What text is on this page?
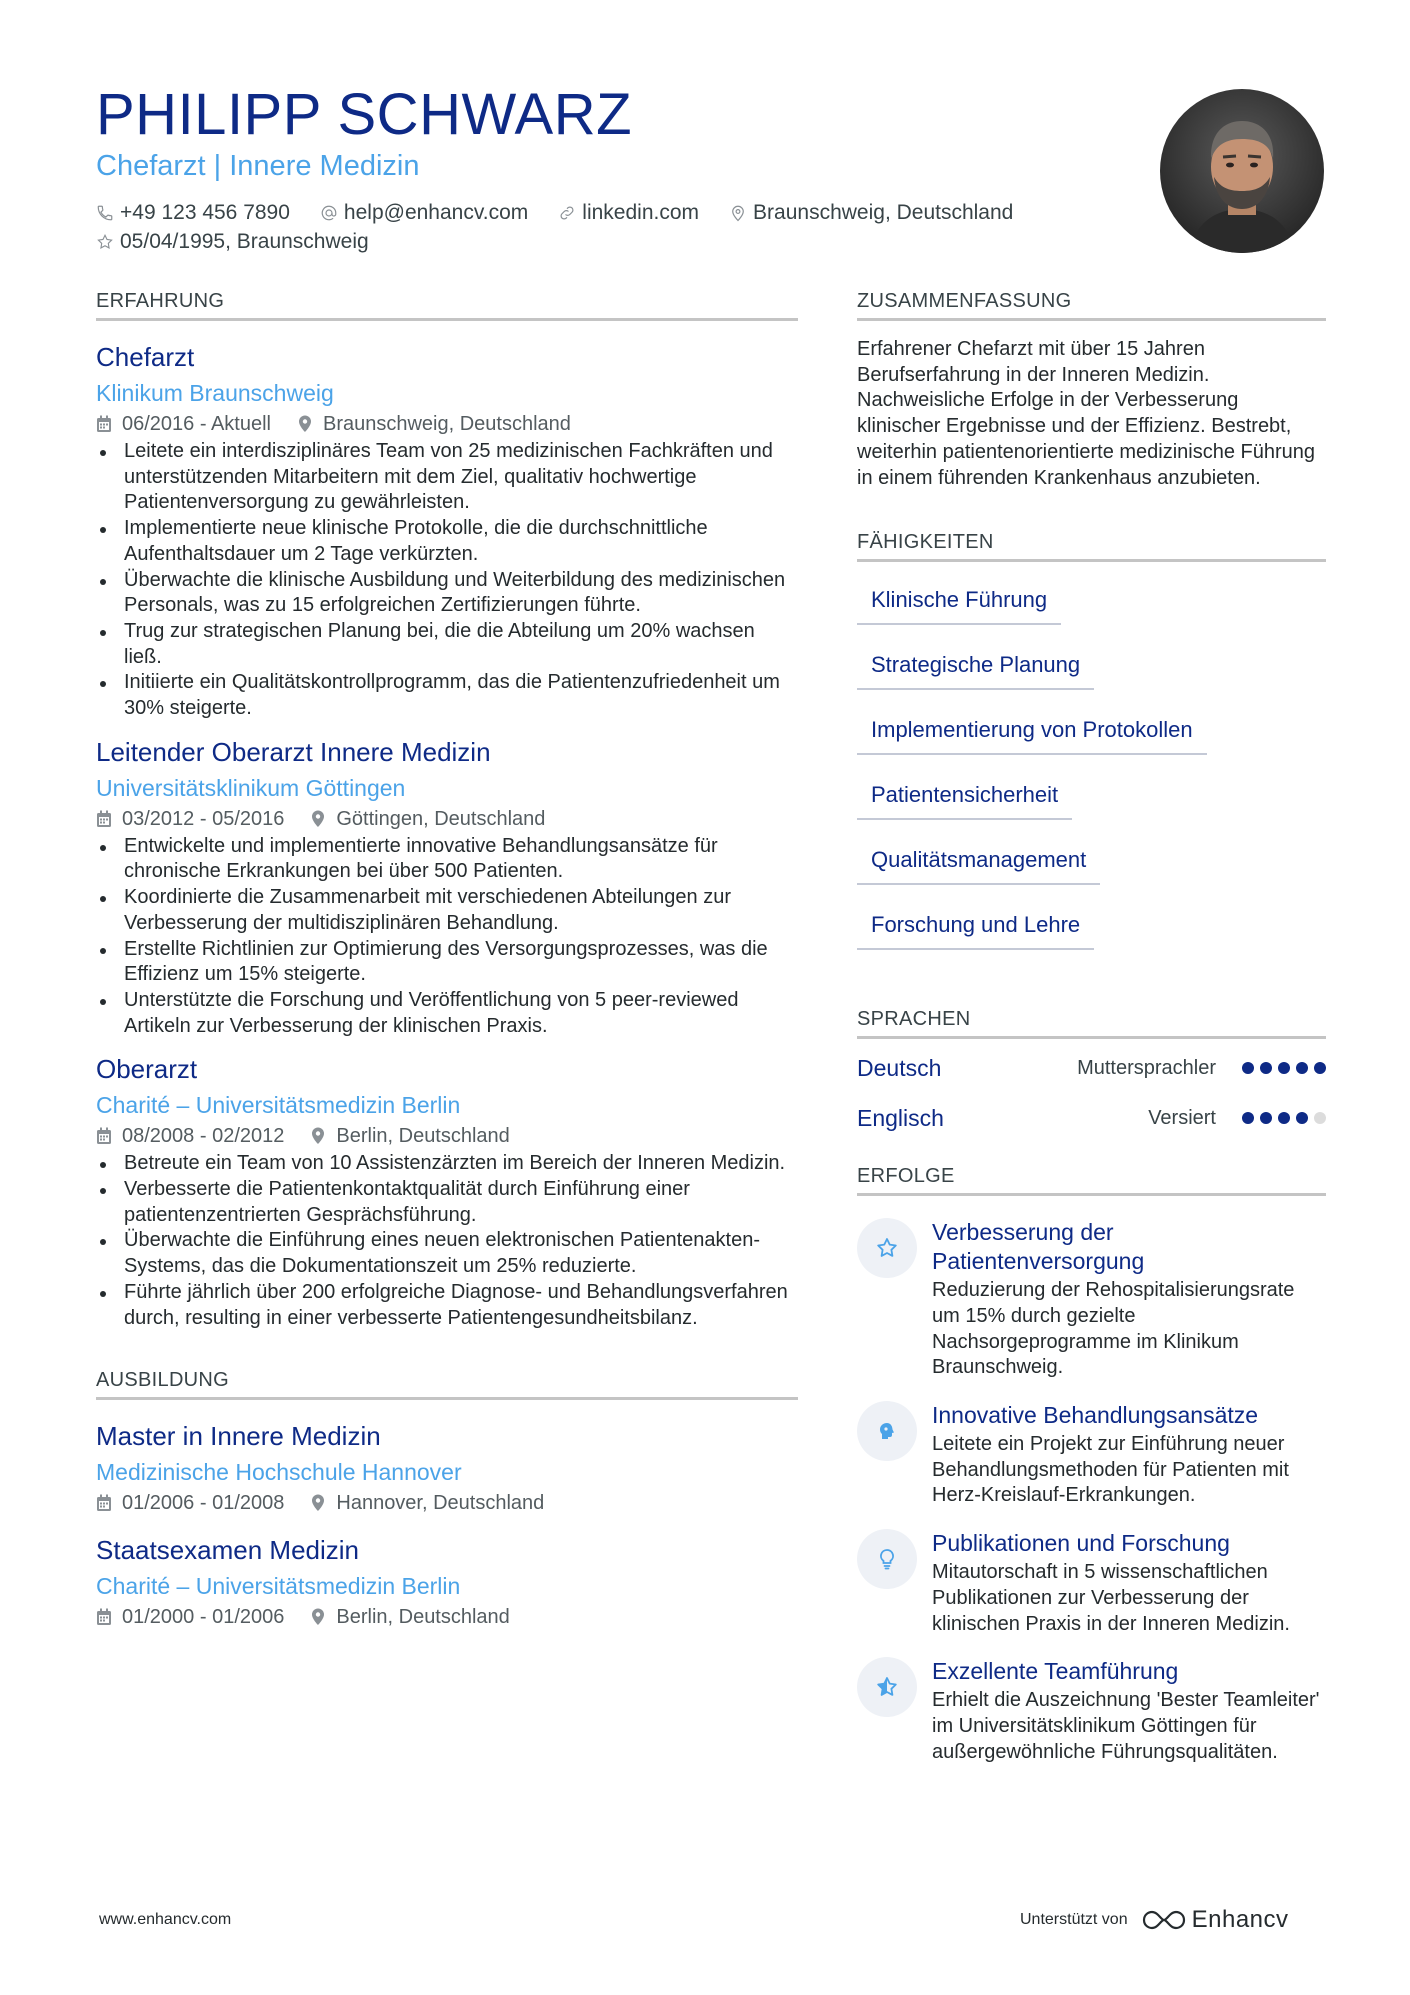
PHILIPP SCHWARZ
Chefarzt | Innere Medizin
+49 123 456 7890	help@enhancv.com	linkedin.com	Braunschweig, Deutschland
05/04/1995, Braunschweig
ERFAHRUNG
Chefarzt
Klinikum Braunschweig
06/2016 - Aktuell	Braunschweig, Deutschland
Leitete ein interdisziplinäres Team von 25 medizinischen Fachkräften und unterstützenden Mitarbeitern mit dem Ziel, qualitativ hochwertige Patientenversorgung zu gewährleisten.
Implementierte neue klinische Protokolle, die die durchschnittliche Aufenthaltsdauer um 2 Tage verkürzten.
Überwachte die klinische Ausbildung und Weiterbildung des medizinischen Personals, was zu 15 erfolgreichen Zertifizierungen führte.
Trug zur strategischen Planung bei, die die Abteilung um 20% wachsen ließ.
Initiierte ein Qualitätskontrollprogramm, das die Patientenzufriedenheit um 30% steigerte.
Leitender Oberarzt Innere Medizin
Universitätsklinikum Göttingen
03/2012 - 05/2016	Göttingen, Deutschland
Entwickelte und implementierte innovative Behandlungsansätze für chronische Erkrankungen bei über 500 Patienten.
Koordinierte die Zusammenarbeit mit verschiedenen Abteilungen zur Verbesserung der multidisziplinären Behandlung.
Erstellte Richtlinien zur Optimierung des Versorgungsprozesses, was die Effizienz um 15% steigerte.
Unterstützte die Forschung und Veröffentlichung von 5 peer-reviewed Artikeln zur Verbesserung der klinischen Praxis.
Oberarzt
Charité – Universitätsmedizin Berlin
08/2008 - 02/2012	Berlin, Deutschland
Betreute ein Team von 10 Assistenzärzten im Bereich der Inneren Medizin.
Verbesserte die Patientenkontaktqualität durch Einführung einer patientenzentrierten Gesprächsführung.
Überwachte die Einführung eines neuen elektronischen Patientenakten-Systems, das die Dokumentationszeit um 25% reduzierte.
Führte jährlich über 200 erfolgreiche Diagnose- und Behandlungsverfahren durch, resulting in einer verbesserte Patientengesundheitsbilanz.
AUSBILDUNG
Master in Innere Medizin
Medizinische Hochschule Hannover
01/2006 - 01/2008	Hannover, Deutschland
Staatsexamen Medizin
Charité – Universitätsmedizin Berlin
01/2000 - 01/2006	Berlin, Deutschland
ZUSAMMENFASSUNG
Erfahrener Chefarzt mit über 15 Jahren Berufserfahrung in der Inneren Medizin. Nachweisliche Erfolge in der Verbesserung klinischer Ergebnisse und der Effizienz. Bestrebt, weiterhin patientenorientierte medizinische Führung in einem führenden Krankenhaus anzubieten.
FÄHIGKEITEN
Klinische Führung
Strategische Planung
Implementierung von Protokollen
Patientensicherheit
Qualitätsmanagement
Forschung und Lehre
SPRACHEN
Deutsch	Muttersprachler
Englisch	Versiert
ERFOLGE
Verbesserung der Patientenversorgung
Reduzierung der Rehospitalisierungsrate um 15% durch gezielte Nachsorgeprogramme im Klinikum Braunschweig.
Innovative Behandlungsansätze
Leitete ein Projekt zur Einführung neuer Behandlungsmethoden für Patienten mit Herz-Kreislauf-Erkrankungen.
Publikationen und Forschung
Mitautorschaft in 5 wissenschaftlichen Publikationen zur Verbesserung der klinischen Praxis in der Inneren Medizin.
Exzellente Teamführung
Erhielt die Auszeichnung 'Bester Teamleiter' im Universitätsklinikum Göttingen für außergewöhnliche Führungsqualitäten.
www.enhancv.com	Unterstützt von	Enhancv
